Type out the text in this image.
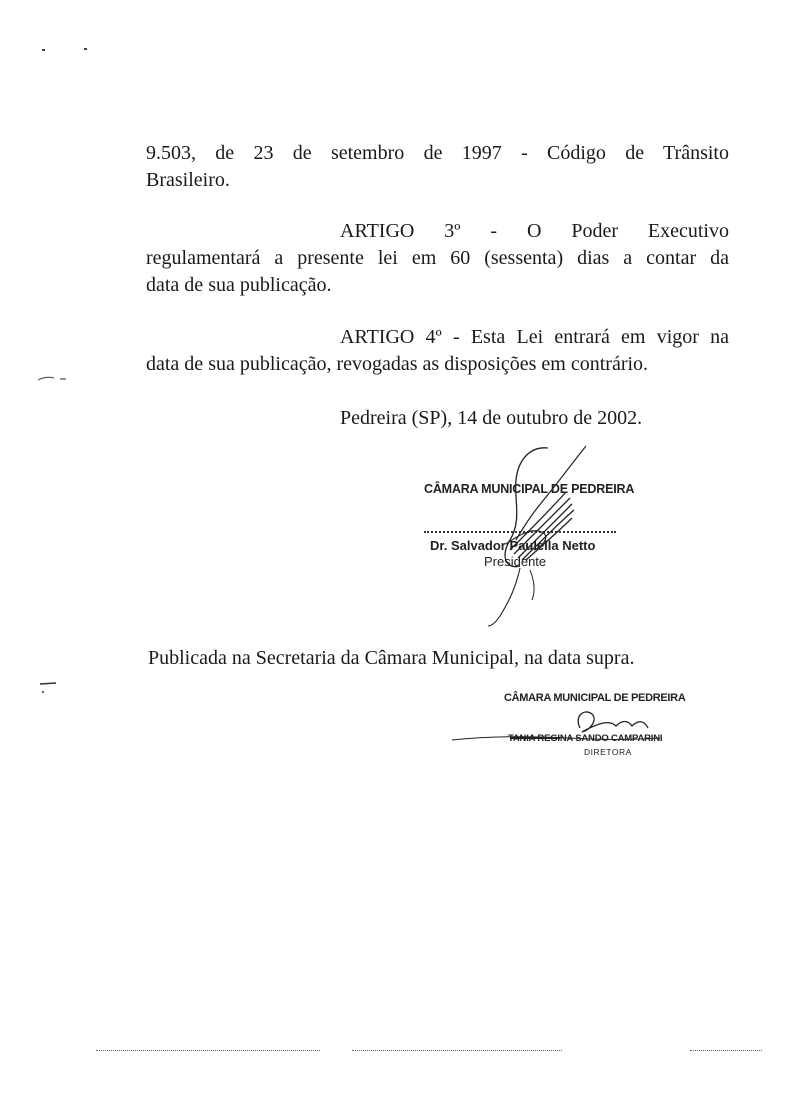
9.503, de 23 de setembro de 1997 - Código de Trânsito

Brasileiro.

ARTIGO 3º - O Poder Executivo

regulamentará a presente lei em 60 (sessenta) dias a contar da

data de sua publicação.

ARTIGO 4º - Esta Lei entrará em vigor na

data de sua publicação, revogadas as disposições em contrário.

Pedreira (SP), 14 de outubro de 2002.

CÂMARA MUNICIPAL DE PEDREIRA
Dr. Salvador Paulella Netto
Presidente

Publicada na Secretaria da Câmara Municipal, na data supra.

CÂMARA MUNICIPAL DE PEDREIRA
TANIA REGINA SANDO CAMPARINI
DIRETORA
